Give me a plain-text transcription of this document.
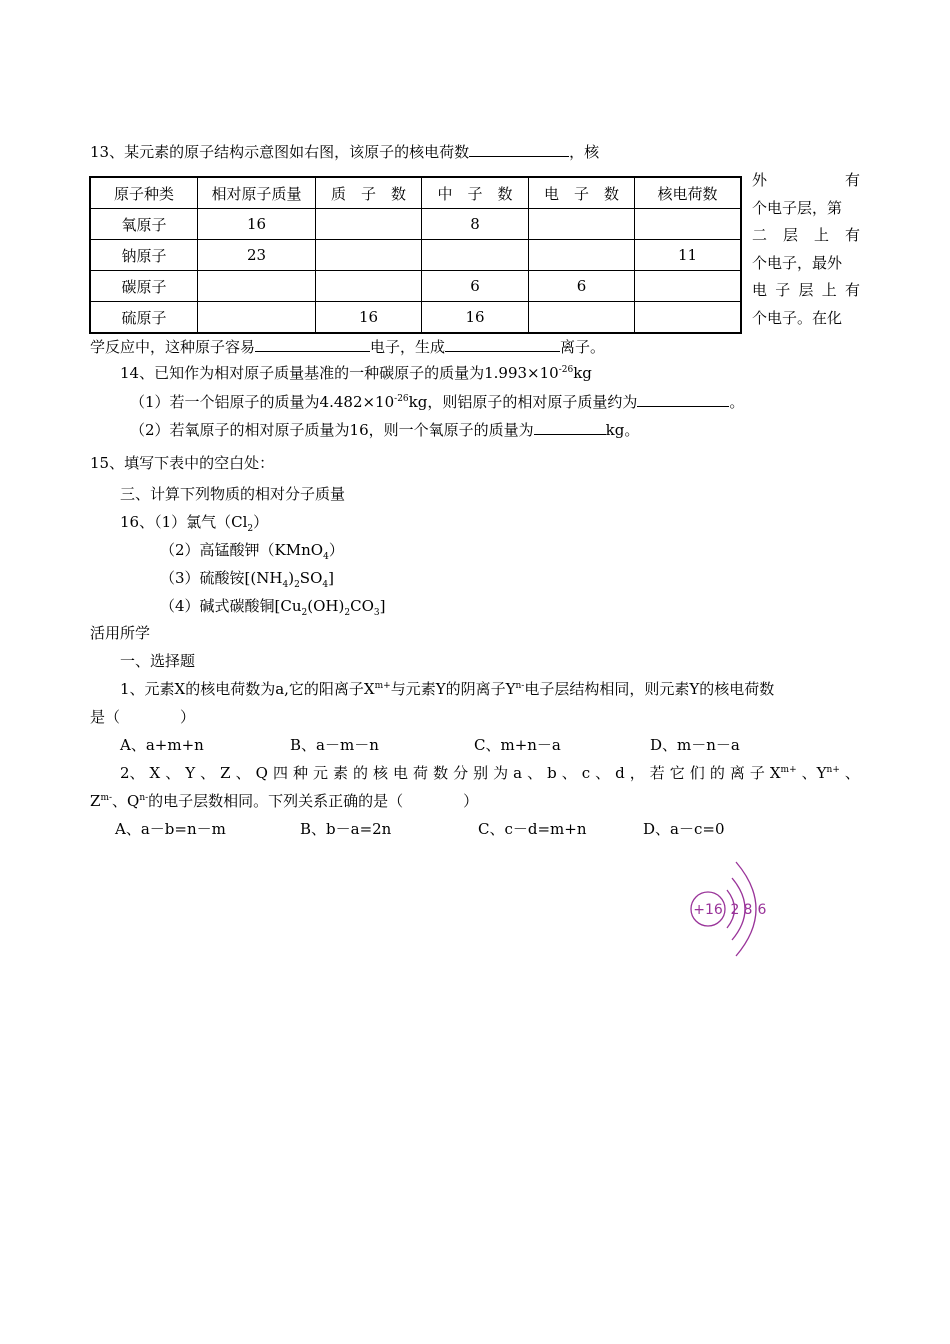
13、某元素的原子结构示意图如右图，该原子的核电荷数	，核
外	有
个电子层，第
二 层 上 有
个电子，最外
电 子 层 上 有
个电子。在化
原子种类	相对原子质量	质　子　数	中　子　数	电　子　数	核电荷数
氧原子	16		8		
钠原子	23				11
碳原子			6	6	
硫原子		16	16		
学反应中，这种原子容易	电子，生成	离子。
14、已知作为相对原子质量基准的一种碳原子的质量为$1.993\times 10^{-26}kg$
（1）若一个铝原子的质量为$4.482\times 10^{-26}kg$，则铝原子的相对原子质量约为	。
（2）若氧原子的相对原子质量为16，则一个氧原子的质量为	kg。
15、填写下表中的空白处：
三、计算下列物质的相对分子质量
16、（1）氯气$(Cl_2)$
（2）高锰酸钾（KMnO$_4$）
（3）硫酸铵$[(NH_4)_2SO_4]$
（4）碱式碳酸铜$[Cu_2(OH)_2CO_3]$
活用所学
一、选择题
1、元素X的核电荷数为a,它的阳离子$X^{m+}$与元素Y的阴离子$Y^{n-}$电子层结构相同，则元素Y的核电荷数
是（　　　　）
A、a+m+n	B、a－m－n	C、m+n－a	D、m－n－a
2、 X 、 Y 、 Z 、 Q 四 种 元 素 的 核 电 荷 数 分 别 为 a 、 b 、 c 、 d ， 若 它 们 的 离 子 $X^{m+}$ 、$Y^{n+}$ 、
$Z^{m-}$、$Q^{n-}$的电子层数相同。下列关系正确的是（　　　　）
A、a－b=n－m	B、b－a=2n	C、c－d=m+n	D、a－c=0
+16 2 8 6
